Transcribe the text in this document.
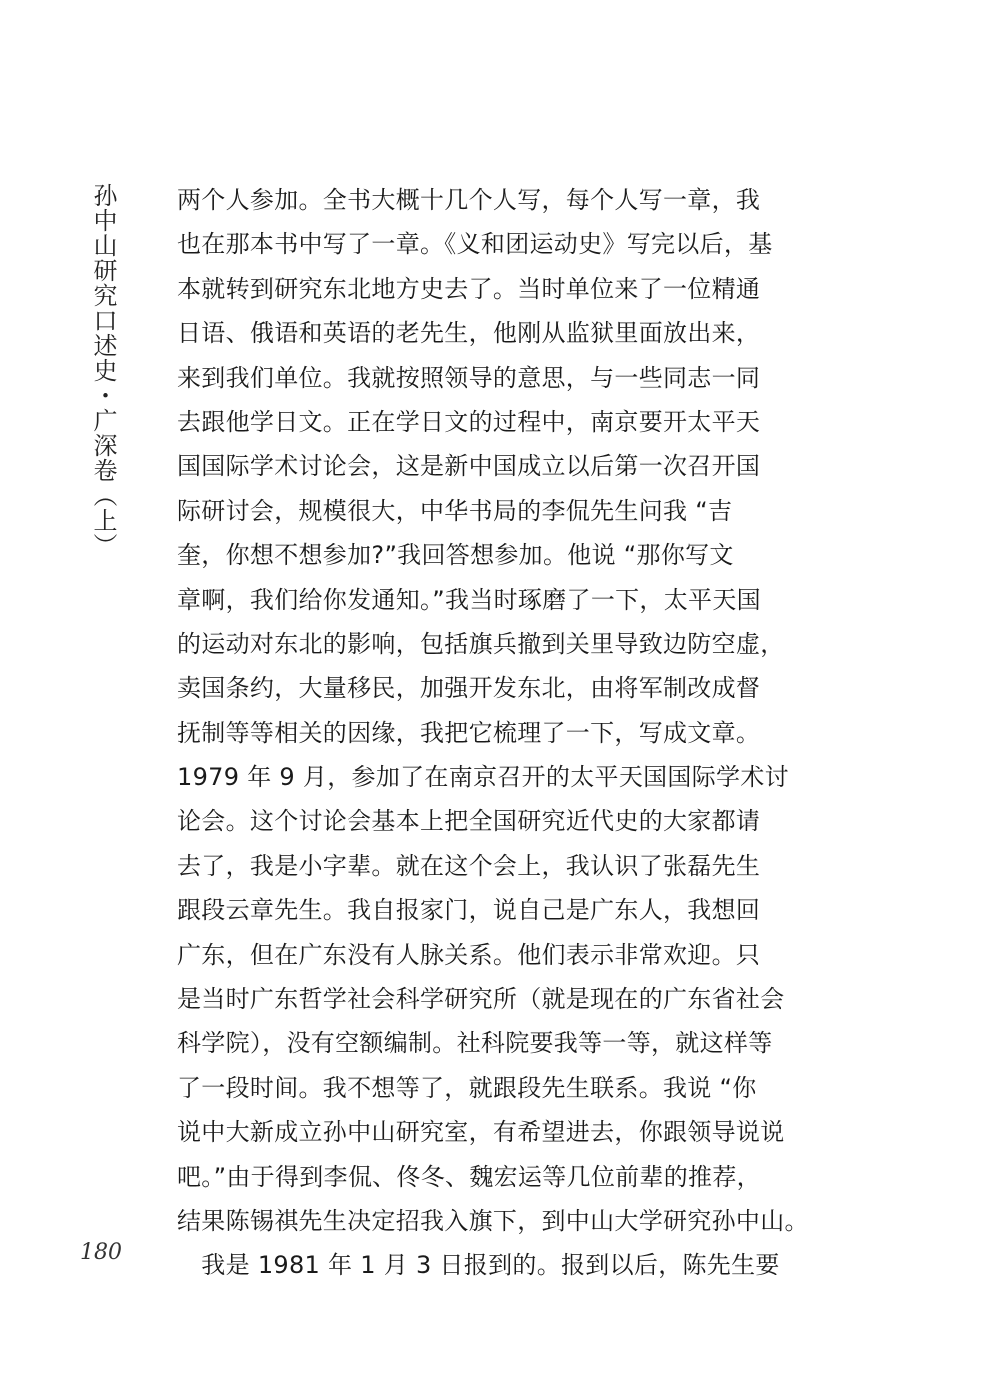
孙中山研究口述史・广深卷（上）	两个人参加。全书大概十几个人写，每个人写一章，我
也在那本书中写了一章。《义和团运动史》写完以后，基
本就转到研究东北地方史去了。当时单位来了一位精通
日语、俄语和英语的老先生，他刚从监狱里面放出来，
来到我们单位。我就按照领导的意思，与一些同志一同
去跟他学日文。正在学日文的过程中，南京要开太平天
国国际学术讨论会，这是新中国成立以后第一次召开国
际研讨会，规模很大，中华书局的李侃先生问我 “吉
奎，你想不想参加?”我回答想参加。他说 “那你写文
章啊，我们给你发通知。”我当时琢磨了一下，太平天国
的运动对东北的影响，包括旗兵撤到关里导致边防空虚，
卖国条约，大量移民，加强开发东北，由将军制改成督
抚制等等相关的因缘，我把它梳理了一下，写成文章。
1979 年 9 月，参加了在南京召开的太平天国国际学术讨
论会。这个讨论会基本上把全国研究近代史的大家都请
去了，我是小字辈。就在这个会上，我认识了张磊先生
跟段云章先生。我自报家门，说自己是广东人，我想回
广东，但在广东没有人脉关系。他们表示非常欢迎。只
是当时广东哲学社会科学研究所（就是现在的广东省社会
科学院），没有空额编制。社科院要我等一等，就这样等
了一段时间。我不想等了，就跟段先生联系。我说 “你
说中大新成立孙中山研究室，有希望进去，你跟领导说说
吧。”由于得到李侃、佟冬、魏宏运等几位前辈的推荐，
结果陈锡祺先生决定招我入旗下，到中山大学研究孙中山。
　我是 1981 年 1 月 3 日报到的。报到以后，陈先生要
180
